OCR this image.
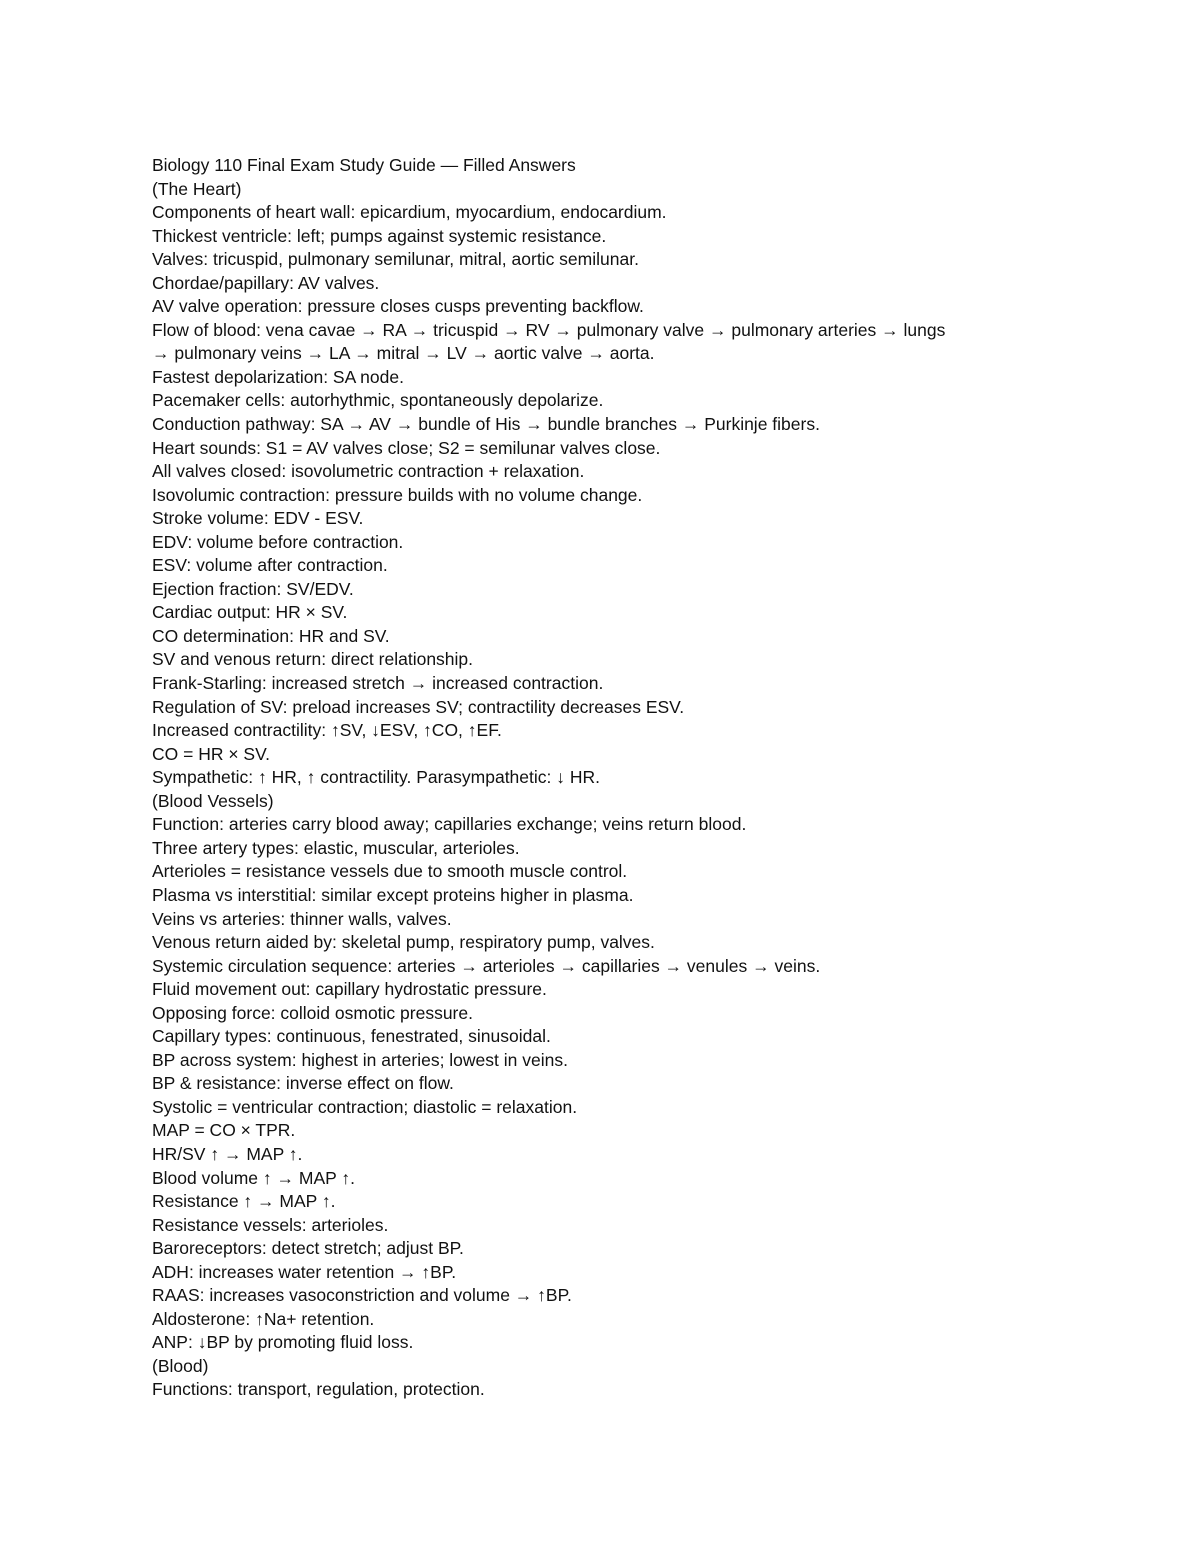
Biology 110 Final Exam Study Guide — Filled Answers
(The Heart)
Components of heart wall: epicardium, myocardium, endocardium.
Thickest ventricle: left; pumps against systemic resistance.
Valves: tricuspid, pulmonary semilunar, mitral, aortic semilunar.
Chordae/papillary: AV valves.
AV valve operation: pressure closes cusps preventing backflow.
Flow of blood: vena cavae → RA → tricuspid → RV → pulmonary valve → pulmonary arteries → lungs
→ pulmonary veins → LA → mitral → LV → aortic valve → aorta.
Fastest depolarization: SA node.
Pacemaker cells: autorhythmic, spontaneously depolarize.
Conduction pathway: SA → AV → bundle of His → bundle branches → Purkinje fibers.
Heart sounds: S1 = AV valves close; S2 = semilunar valves close.
All valves closed: isovolumetric contraction + relaxation.
Isovolumic contraction: pressure builds with no volume change.
Stroke volume: EDV - ESV.
EDV: volume before contraction.
ESV: volume after contraction.
Ejection fraction: SV/EDV.
Cardiac output: HR × SV.
CO determination: HR and SV.
SV and venous return: direct relationship.
Frank-Starling: increased stretch → increased contraction.
Regulation of SV: preload increases SV; contractility decreases ESV.
Increased contractility: ↑SV, ↓ESV, ↑CO, ↑EF.
CO = HR × SV.
Sympathetic: ↑ HR, ↑ contractility. Parasympathetic: ↓ HR.
(Blood Vessels)
Function: arteries carry blood away; capillaries exchange; veins return blood.
Three artery types: elastic, muscular, arterioles.
Arterioles = resistance vessels due to smooth muscle control.
Plasma vs interstitial: similar except proteins higher in plasma.
Veins vs arteries: thinner walls, valves.
Venous return aided by: skeletal pump, respiratory pump, valves.
Systemic circulation sequence: arteries → arterioles → capillaries → venules → veins.
Fluid movement out: capillary hydrostatic pressure.
Opposing force: colloid osmotic pressure.
Capillary types: continuous, fenestrated, sinusoidal.
BP across system: highest in arteries; lowest in veins.
BP & resistance: inverse effect on flow.
Systolic = ventricular contraction; diastolic = relaxation.
MAP = CO × TPR.
HR/SV ↑ → MAP ↑.
Blood volume ↑ → MAP ↑.
Resistance ↑ → MAP ↑.
Resistance vessels: arterioles.
Baroreceptors: detect stretch; adjust BP.
ADH: increases water retention → ↑BP.
RAAS: increases vasoconstriction and volume → ↑BP.
Aldosterone: ↑Na+ retention.
ANP: ↓BP by promoting fluid loss.
(Blood)
Functions: transport, regulation, protection.
